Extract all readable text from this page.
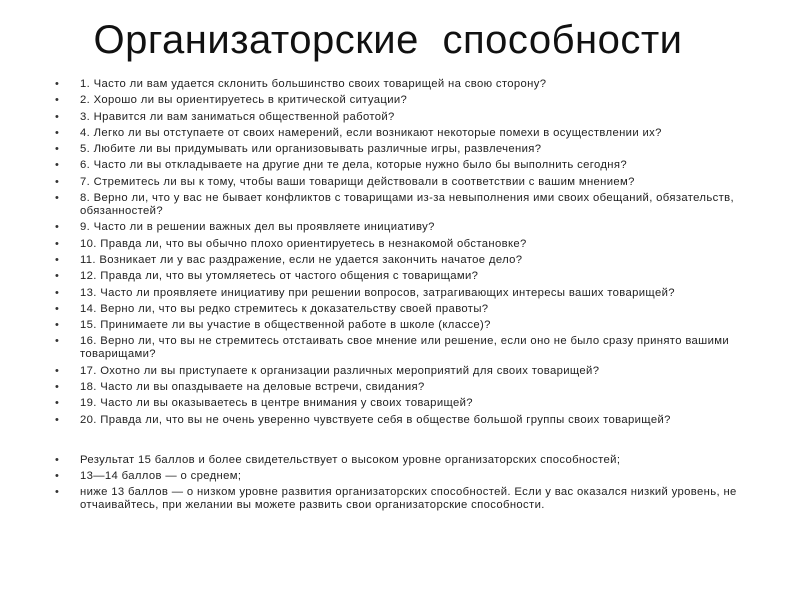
Организаторские способности
• 1. Часто ли вам удается склонить большинство своих товарищей на свою сторону?
• 2. Хорошо ли вы ориентируетесь в критической ситуации?
• 3. Нравится ли вам заниматься общественной работой?
• 4. Легко ли вы отступаете от своих намерений, если возникают некоторые помехи в осуществлении их?
• 5. Любите ли вы придумывать или организовывать различные игры, развлечения?
• 6. Часто ли вы откладываете на другие дни те дела, которые нужно было бы выполнить сегодня?
• 7. Стремитесь ли вы к тому, чтобы ваши товарищи действовали в соответствии с вашим мнением?
• 8. Верно ли, что у вас не бывает конфликтов с товарищами из-за невыполнения ими своих обещаний, обязательств, обязанностей?
• 9. Часто ли в решении важных дел вы проявляете инициативу?
• 10. Правда ли, что вы обычно плохо ориентируетесь в незнакомой обстановке?
• 11. Возникает ли у вас раздражение, если не удается закончить начатое дело?
• 12. Правда ли, что вы утомляетесь от частого общения с товарищами?
• 13. Часто ли проявляете инициативу при решении вопросов, затрагивающих интересы ваших товарищей?
• 14. Верно ли, что вы редко стремитесь к доказательству своей правоты?
• 15. Принимаете ли вы участие в общественной работе в школе (классе)?
• 16. Верно ли, что вы не стремитесь отстаивать свое мнение или решение, если оно не было сразу принято вашими товарищами?
• 17. Охотно ли вы приступаете к организации различных мероприятий для своих товарищей?
• 18. Часто ли вы опаздываете на деловые встречи, свидания?
• 19. Часто ли вы оказываетесь в центре внимания у своих товарищей?
• 20. Правда ли, что вы не очень уверенно чувствуете себя в обществе большой группы своих товарищей?
• Результат 15 баллов и более свидетельствует о высоком уровне организаторских способностей;
• 13—14 баллов — о среднем;
• ниже 13 баллов — о низком уровне развития организаторских способностей. Если у вас оказался низкий уровень, не отчаивайтесь, при желании вы можете развить свои организаторские способности.
